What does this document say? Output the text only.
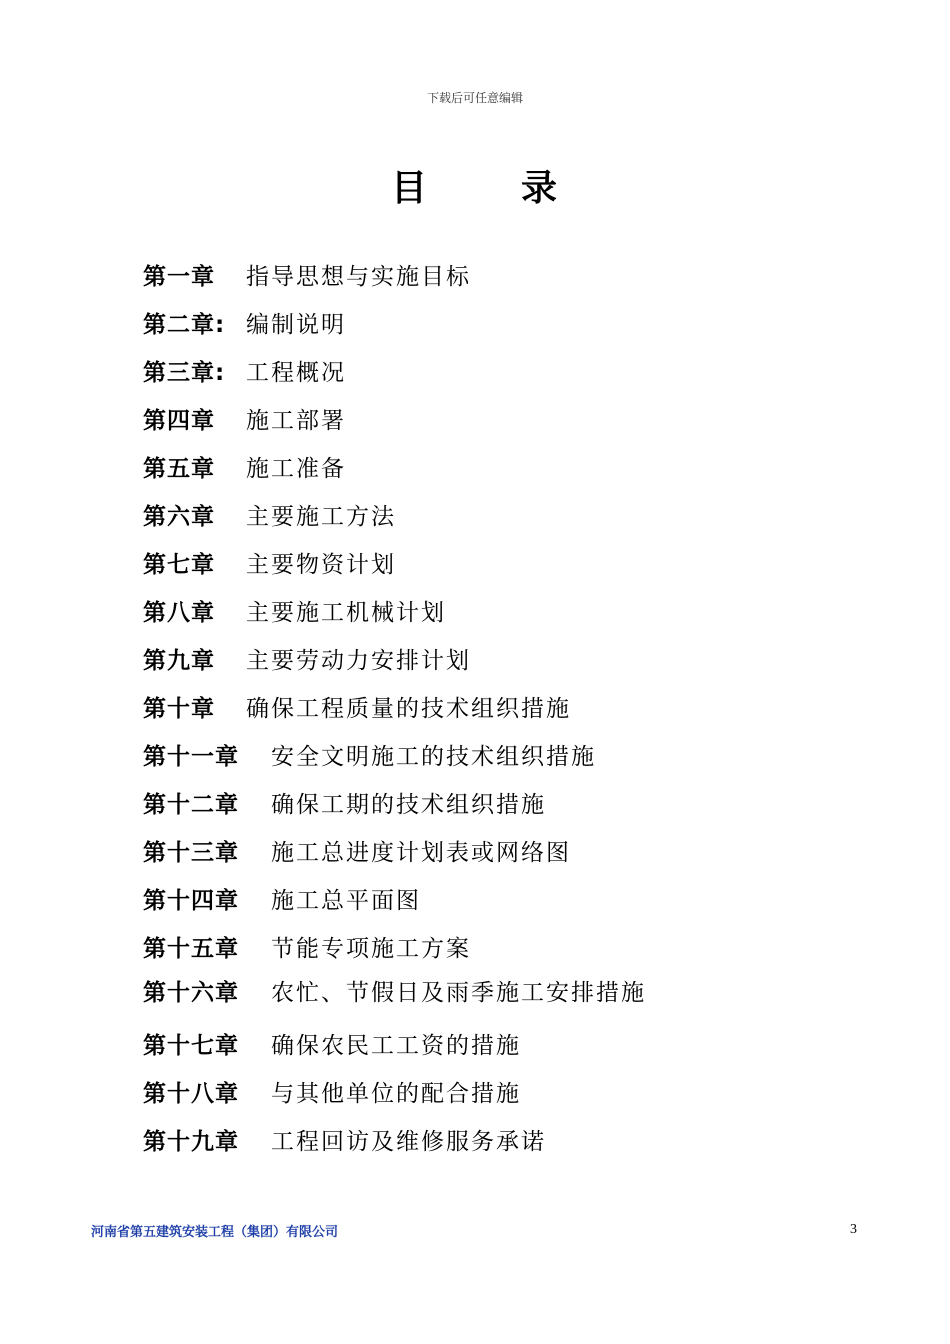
下载后可任意编辑
目	录
第一章 指导思想与实施目标
第二章: 编制说明
第三章: 工程概况
第四章 施工部署
第五章 施工准备
第六章 主要施工方法
第七章 主要物资计划
第八章 主要施工机械计划
第九章 主要劳动力安排计划
第十章 确保工程质量的技术组织措施
第十一章 安全文明施工的技术组织措施
第十二章 确保工期的技术组织措施
第十三章 施工总进度计划表或网络图
第十四章 施工总平面图
第十五章 节能专项施工方案
第十六章 农忙、节假日及雨季施工安排措施
第十七章 确保农民工工资的措施
第十八章 与其他单位的配合措施
第十九章 工程回访及维修服务承诺
河南省第五建筑安装工程（集团）有限公司	3
